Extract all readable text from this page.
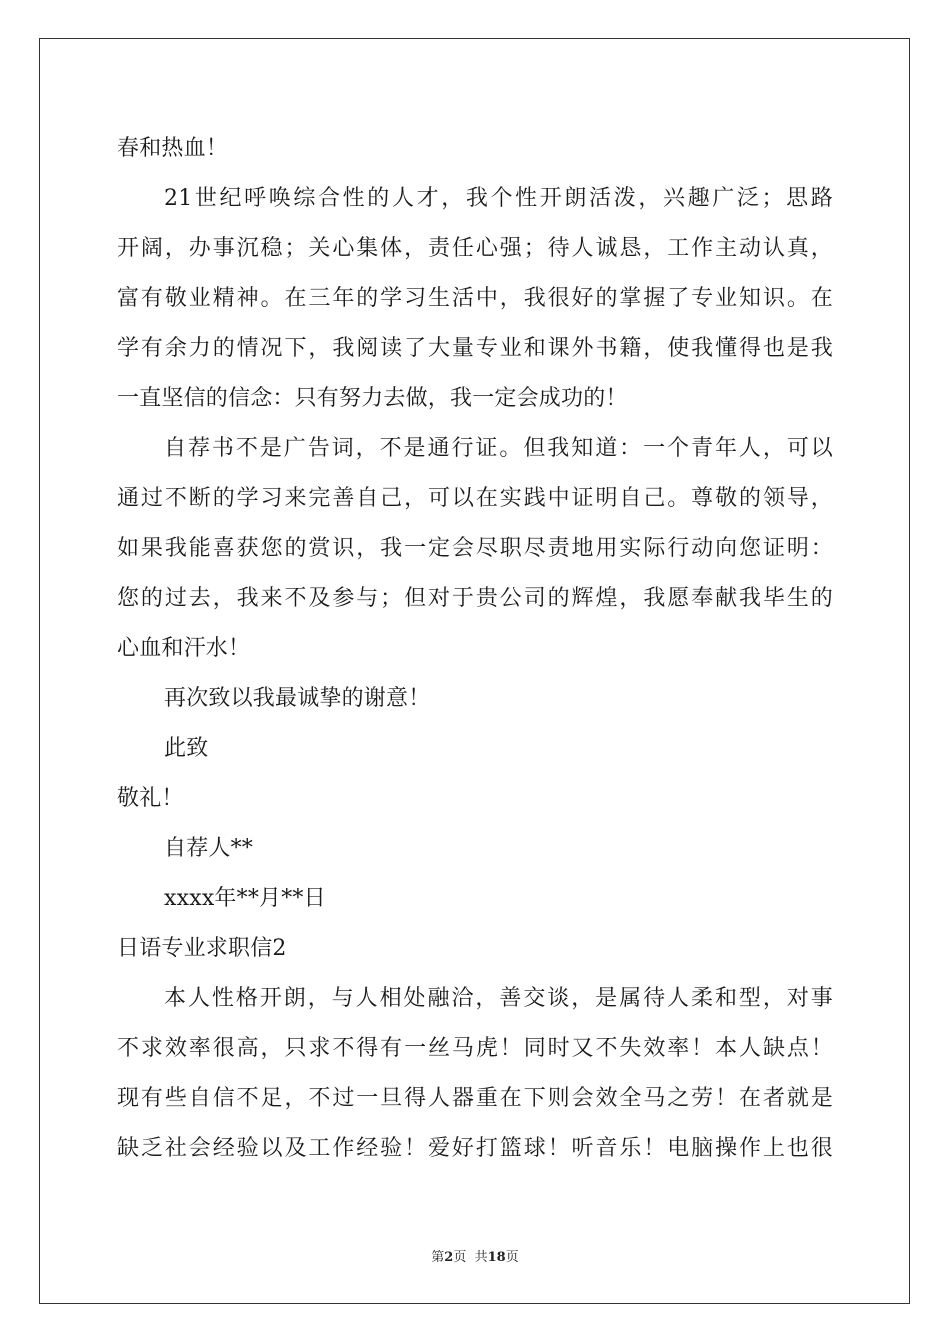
春和热血！
21世纪呼唤综合性的人才，我个性开朗活泼，兴趣广泛；思路
开阔，办事沉稳；关心集体，责任心强；待人诚恳，工作主动认真，
富有敬业精神。在三年的学习生活中，我很好的掌握了专业知识。在
学有余力的情况下，我阅读了大量专业和课外书籍，使我懂得也是我
一直坚信的信念：只有努力去做，我一定会成功的！
自荐书不是广告词，不是通行证。但我知道：一个青年人，可以
通过不断的学习来完善自己，可以在实践中证明自己。尊敬的领导，
如果我能喜获您的赏识，我一定会尽职尽责地用实际行动向您证明：
您的过去，我来不及参与；但对于贵公司的辉煌，我愿奉献我毕生的
心血和汗水！
再次致以我最诚挚的谢意！
此致
敬礼！
自荐人**
xxxx年**月**日
日语专业求职信2
本人性格开朗，与人相处融洽，善交谈，是属待人柔和型，对事
不求效率很高，只求不得有一丝马虎！同时又不失效率！本人缺点！
现有些自信不足，不过一旦得人器重在下则会效全马之劳！在者就是
缺乏社会经验以及工作经验！爱好打篮球！听音乐！电脑操作上也很
第2页  共18页
